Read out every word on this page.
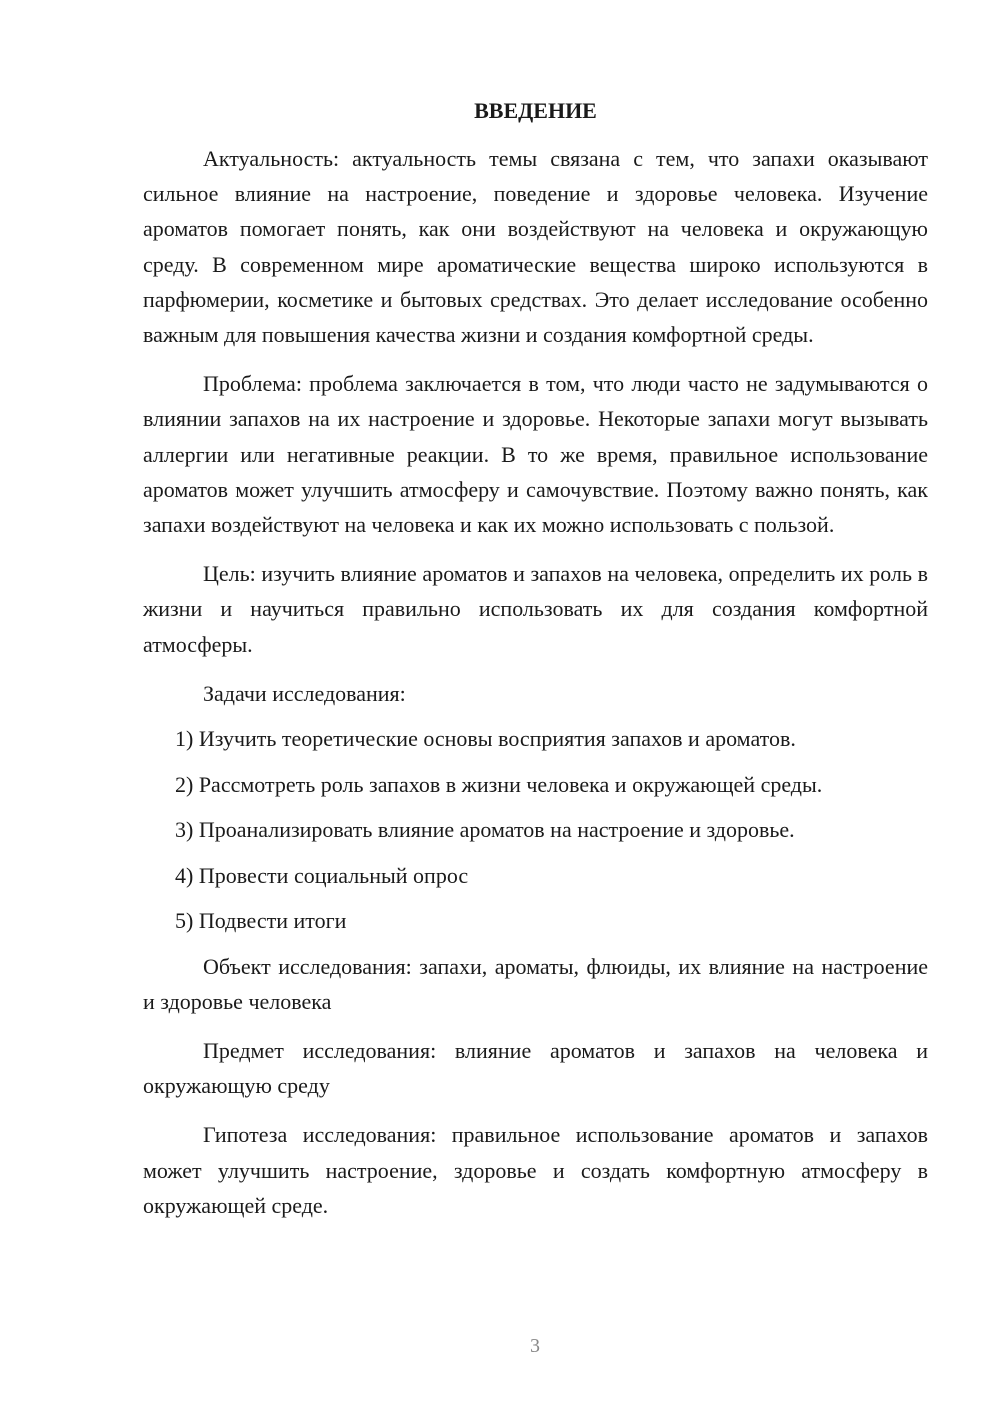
ВВЕДЕНИЕ

Актуальность: актуальность темы связана с тем, что запахи оказывают сильное влияние на настроение, поведение и здоровье человека. Изучение ароматов помогает понять, как они воздействуют на человека и окружающую среду. В современном мире ароматические вещества широко используются в парфюмерии, косметике и бытовых средствах. Это делает исследование особенно важным для повышения качества жизни и создания комфортной среды.

Проблема: проблема заключается в том, что люди часто не задумываются о влиянии запахов на их настроение и здоровье. Некоторые запахи могут вызывать аллергии или негативные реакции. В то же время, правильное использование ароматов может улучшить атмосферу и самочувствие. Поэтому важно понять, как запахи воздействуют на человека и как их можно использовать с пользой.

Цель: изучить влияние ароматов и запахов на человека, определить их роль в жизни и научиться правильно использовать их для создания комфортной атмосферы.

Задачи исследования:

1) Изучить теоретические основы восприятия запахов и ароматов.
2) Рассмотреть роль запахов в жизни человека и окружающей среды.
3) Проанализировать влияние ароматов на настроение и здоровье.
4) Провести социальный опрос
5) Подвести итоги

Объект исследования: запахи, ароматы, флюиды, их влияние на настроение и здоровье человека

Предмет исследования: влияние ароматов и запахов на человека и окружающую среду

Гипотеза исследования: правильное использование ароматов и запахов может улучшить настроение, здоровье и создать комфортную атмосферу в окружающей среде.

3
